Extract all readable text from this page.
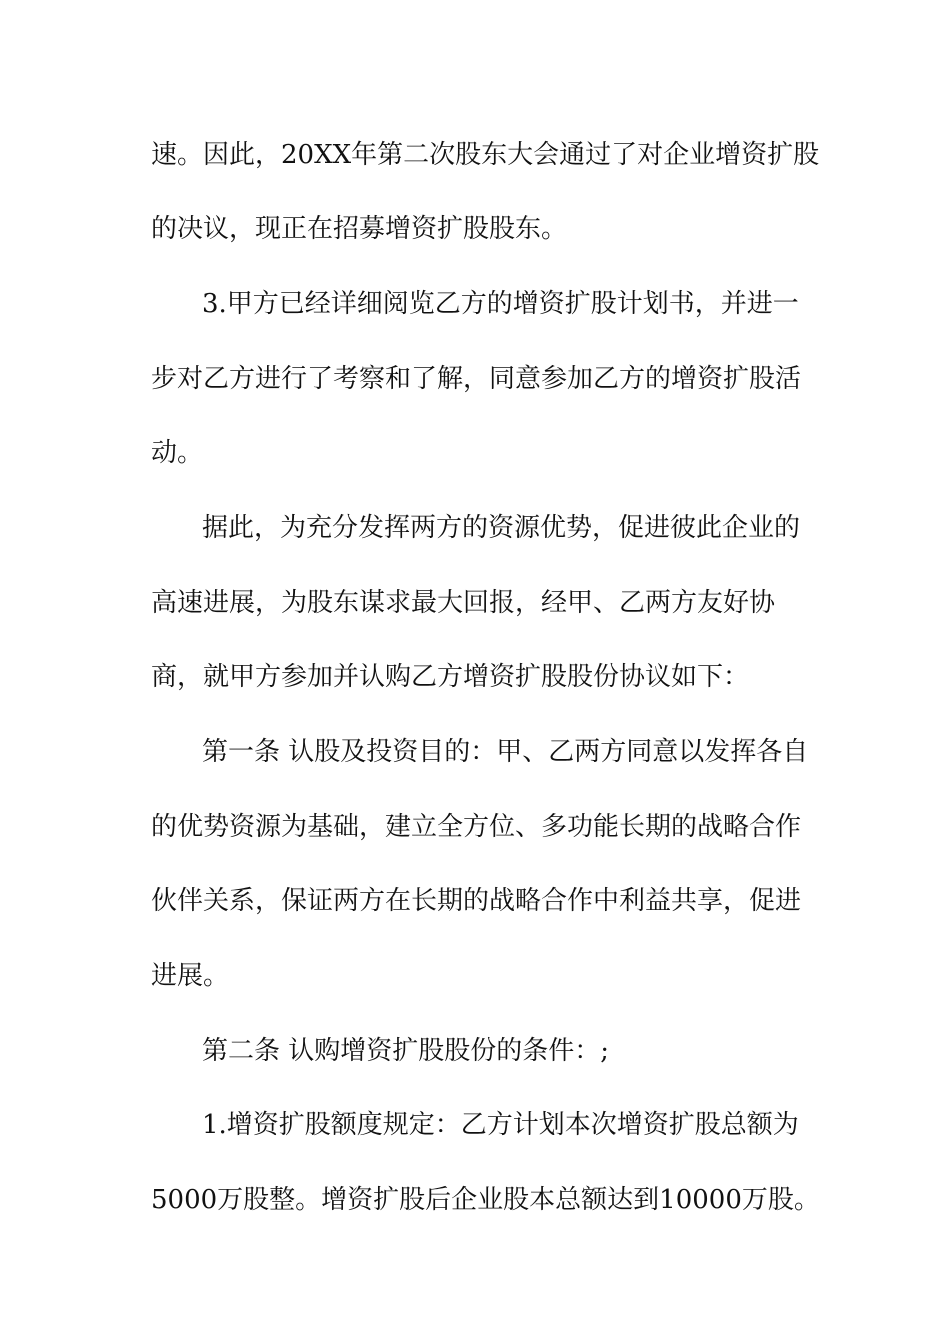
速。因此，20XX年第二次股东大会通过了对企业增资扩股
的决议，现正在招募增资扩股股东。
3.甲方已经详细阅览乙方的增资扩股计划书，并进一
步对乙方进行了考察和了解，同意参加乙方的增资扩股活
动。
据此，为充分发挥两方的资源优势，促进彼此企业的
高速进展，为股东谋求最大回报，经甲、乙两方友好协
商，就甲方参加并认购乙方增资扩股股份协议如下：
第一条 认股及投资目的：甲、乙两方同意以发挥各自
的优势资源为基础，建立全方位、多功能长期的战略合作
伙伴关系，保证两方在长期的战略合作中利益共享，促进
进展。
第二条 认购增资扩股股份的条件：;
1.增资扩股额度规定：乙方计划本次增资扩股总额为
5000万股整。增资扩股后企业股本总额达到10000万股。
